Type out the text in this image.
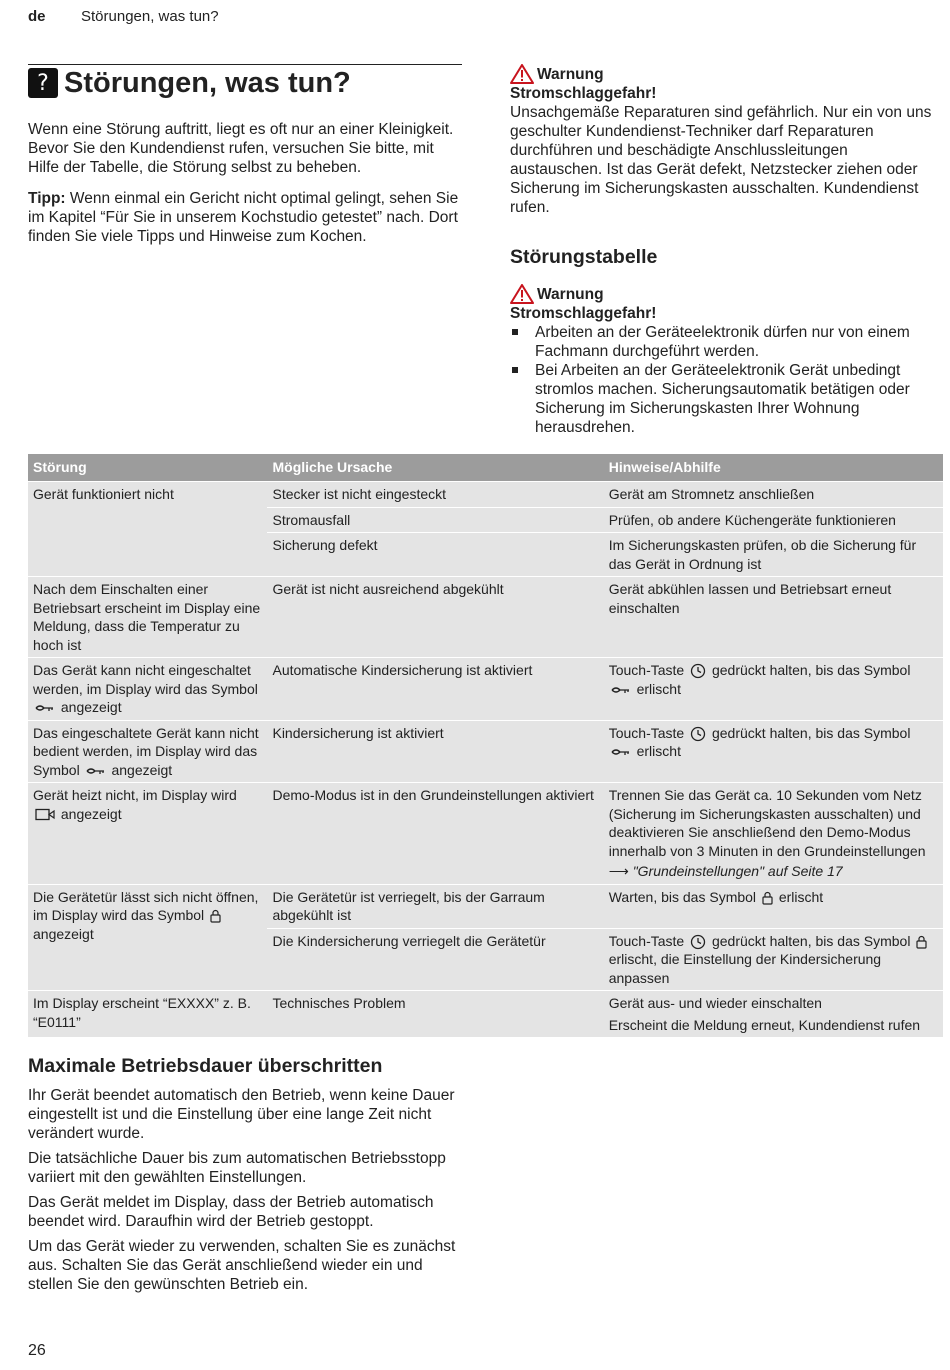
de Störungen, was tun?
? Störungen, was tun?

Wenn eine Störung auftritt, liegt es oft nur an einer Kleinigkeit. Bevor Sie den Kundendienst rufen, versuchen Sie bitte, mit Hilfe der Tabelle, die Störung selbst zu beheben.

Tipp: Wenn einmal ein Gericht nicht optimal gelingt, sehen Sie im Kapitel “Für Sie in unserem Kochstudio getestet” nach. Dort finden Sie viele Tipps und Hinweise zum Kochen.

Warnung
Stromschlaggefahr!

Unsachgemäße Reparaturen sind gefährlich. Nur ein von uns geschulter Kundendienst-Techniker darf Reparaturen durchführen und beschädigte Anschlussleitungen austauschen. Ist das Gerät defekt, Netzstecker ziehen oder Sicherung im Sicherungskasten ausschalten. Kundendienst rufen.

Störungstabelle
Warnung
Stromschlaggefahr!
Arbeiten an der Geräteelektronik dürfen nur von einem Fachmann durchgeführt werden.
Bei Arbeiten an der Geräteelektronik Gerät unbedingt stromlos machen. Sicherungsautomatik betätigen oder Sicherung im Sicherungskasten Ihrer Wohnung herausdrehen.
Störung	Mögliche Ursache	Hinweise/Abhilfe
Gerät funktioniert nicht	Stecker ist nicht eingesteckt	Gerät am Stromnetz anschließen
	Stromausfall	Prüfen, ob andere Küchengeräte funktionieren
	Sicherung defekt	Im Sicherungskasten prüfen, ob die Sicherung für das Gerät in Ordnung ist
Nach dem Einschalten einer Betriebsart erscheint im Display eine Meldung, dass die Temperatur zu hoch ist	Gerät ist nicht ausreichend abgekühlt	Gerät abkühlen lassen und Betriebsart erneut einschalten
Das Gerät kann nicht eingeschaltet werden, im Display wird das Symbol  angezeigt	Automatische Kindersicherung ist aktiviert	Touch-Taste gedrückt halten, bis das Symbol  erlischt
Das eingeschaltete Gerät kann nicht bedient werden, im Display wird das Symbol angezeigt	Kindersicherung ist aktiviert	Touch-Taste gedrückt halten, bis das Symbol  erlischt
Gerät heizt nicht, im Display wird  angezeigt	Demo-Modus ist in den Grundeinstellungen aktiviert	Trennen Sie das Gerät ca. 10 Sekunden vom Netz (Sicherung im Sicherungskasten ausschalten) und deaktivieren Sie anschließend den Demo-Modus innerhalb von 3 Minuten in den Grundeinstellungen
⟶ "Grundeinstellungen" auf Seite 17

Die Gerätetür lässt sich nicht öffnen, im Display wird das Symbol  angezeigt	Die Gerätetür ist verriegelt, bis der Garraum abgekühlt ist	Warten, bis das Symbol erlischt
	Die Kindersicherung verriegelt die Gerätetür	Touch-Taste gedrückt halten, bis das Symbol  erlischt, die Einstellung der Kindersicherung anpassen
Im Display erscheint “EXXXX” z. B. “E0111”	Technisches Problem	Gerät aus- und wieder einschalten
Erscheint die Meldung erneut, Kundendienst rufen
Maximale Betriebsdauer überschritten

Ihr Gerät beendet automatisch den Betrieb, wenn keine Dauer eingestellt ist und die Einstellung über eine lange Zeit nicht verändert wurde.

Die tatsächliche Dauer bis zum automatischen Betriebsstopp variiert mit den gewählten Einstellungen.

Das Gerät meldet im Display, dass der Betrieb automatisch beendet wird. Daraufhin wird der Betrieb gestoppt.

Um das Gerät wieder zu verwenden, schalten Sie es zunächst aus. Schalten Sie das Gerät anschließend wieder ein und stellen Sie den gewünschten Betrieb ein.

26
